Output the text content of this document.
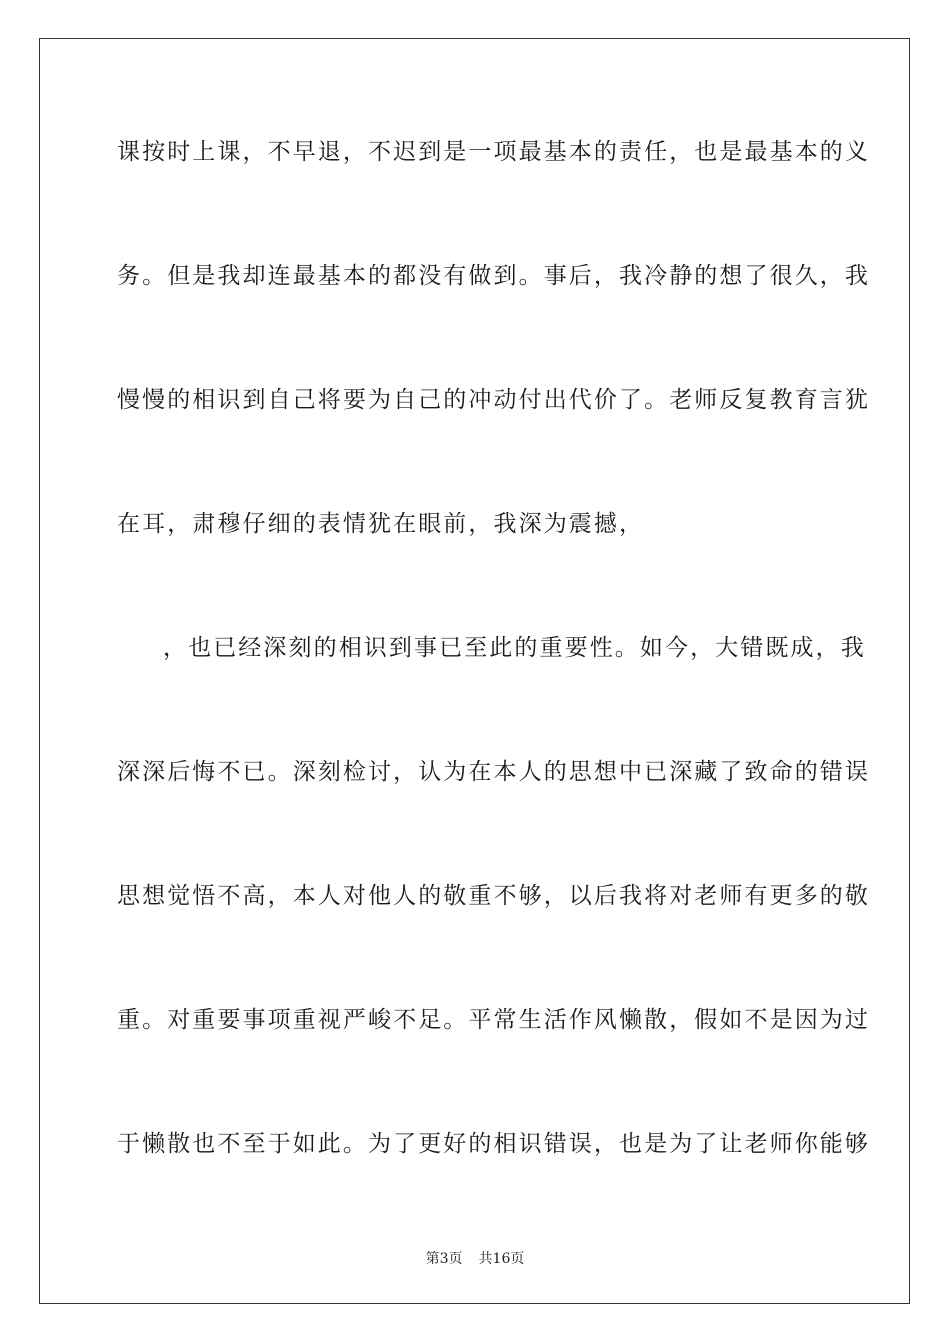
课按时上课，不早退，不迟到是一项最基本的责任，也是最基本的义
务。但是我却连最基本的都没有做到。事后，我冷静的想了很久，我
慢慢的相识到自己将要为自己的冲动付出代价了。老师反复教育言犹
在耳，肃穆仔细的表情犹在眼前，我深为震撼，
，也已经深刻的相识到事已至此的重要性。如今，大错既成，我
深深后悔不已。深刻检讨，认为在本人的思想中已深藏了致命的错误
思想觉悟不高，本人对他人的敬重不够，以后我将对老师有更多的敬
重。对重要事项重视严峻不足。平常生活作风懒散，假如不是因为过
于懒散也不至于如此。为了更好的相识错误，也是为了让老师你能够
第3页 共16页
